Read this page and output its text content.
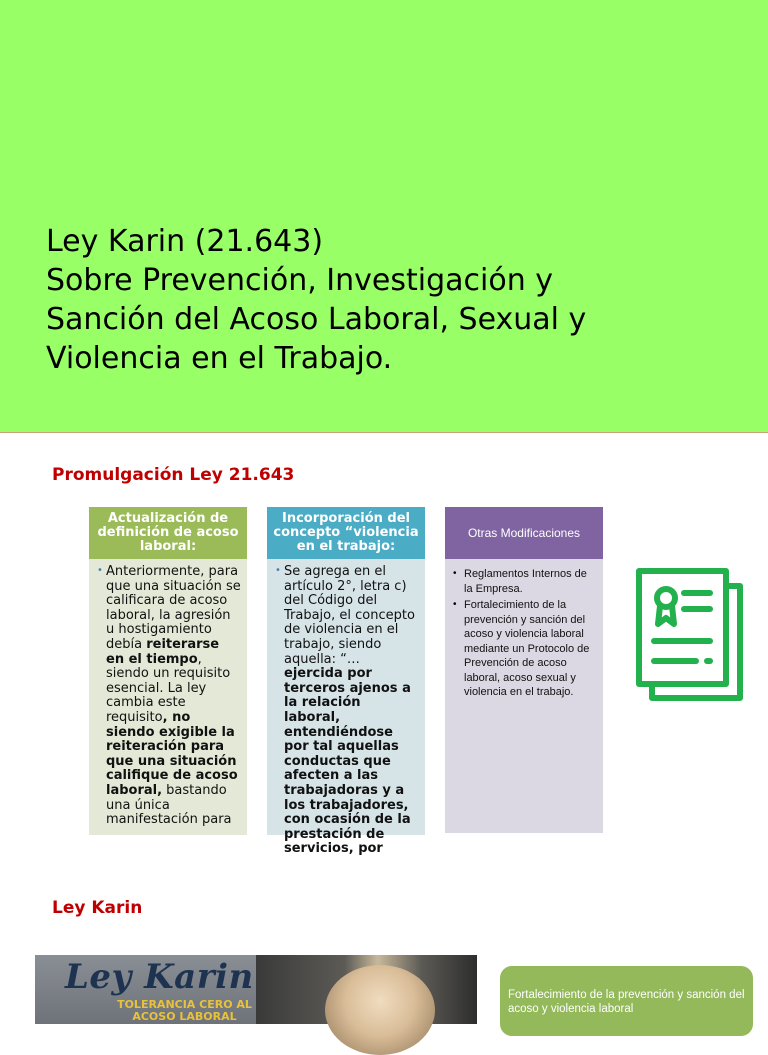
Ley Karin (21.643)
Sobre Prevención, Investigación y
Sanción del Acoso Laboral, Sexual y
Violencia en el Trabajo.
Promulgación Ley 21.643
Actualización de definición de acoso laboral:
• Anteriormente, para que una situación se calificara de acoso laboral, la agresión u hostigamiento debía reiterarse en el tiempo, siendo un requisito esencial. La ley cambia este requisito, no siendo exigible la reiteración para que una situación califique de acoso laboral, bastando una única manifestación para
Incorporación del concepto “violencia en el trabajo:
• Se agrega en el artículo 2°, letra c) del Código del Trabajo, el concepto de violencia en el trabajo, siendo aquella: “… ejercida por terceros ajenos a la relación laboral, entendiéndose por tal aquellas conductas que afecten a las trabajadoras y a los trabajadores, con ocasión de la prestación de servicios, por
Otras Modificaciones
• Reglamentos Internos de la Empresa.
• Fortalecimiento de la prevención y sanción del acoso y violencia laboral mediante un Protocolo de Prevención de acoso laboral, acoso sexual y violencia en el trabajo.
Ley Karin
Ley Karin
TOLERANCIA CERO AL ACOSO LABORAL
Fortalecimiento de la prevención y sanción del acoso y violencia laboral
